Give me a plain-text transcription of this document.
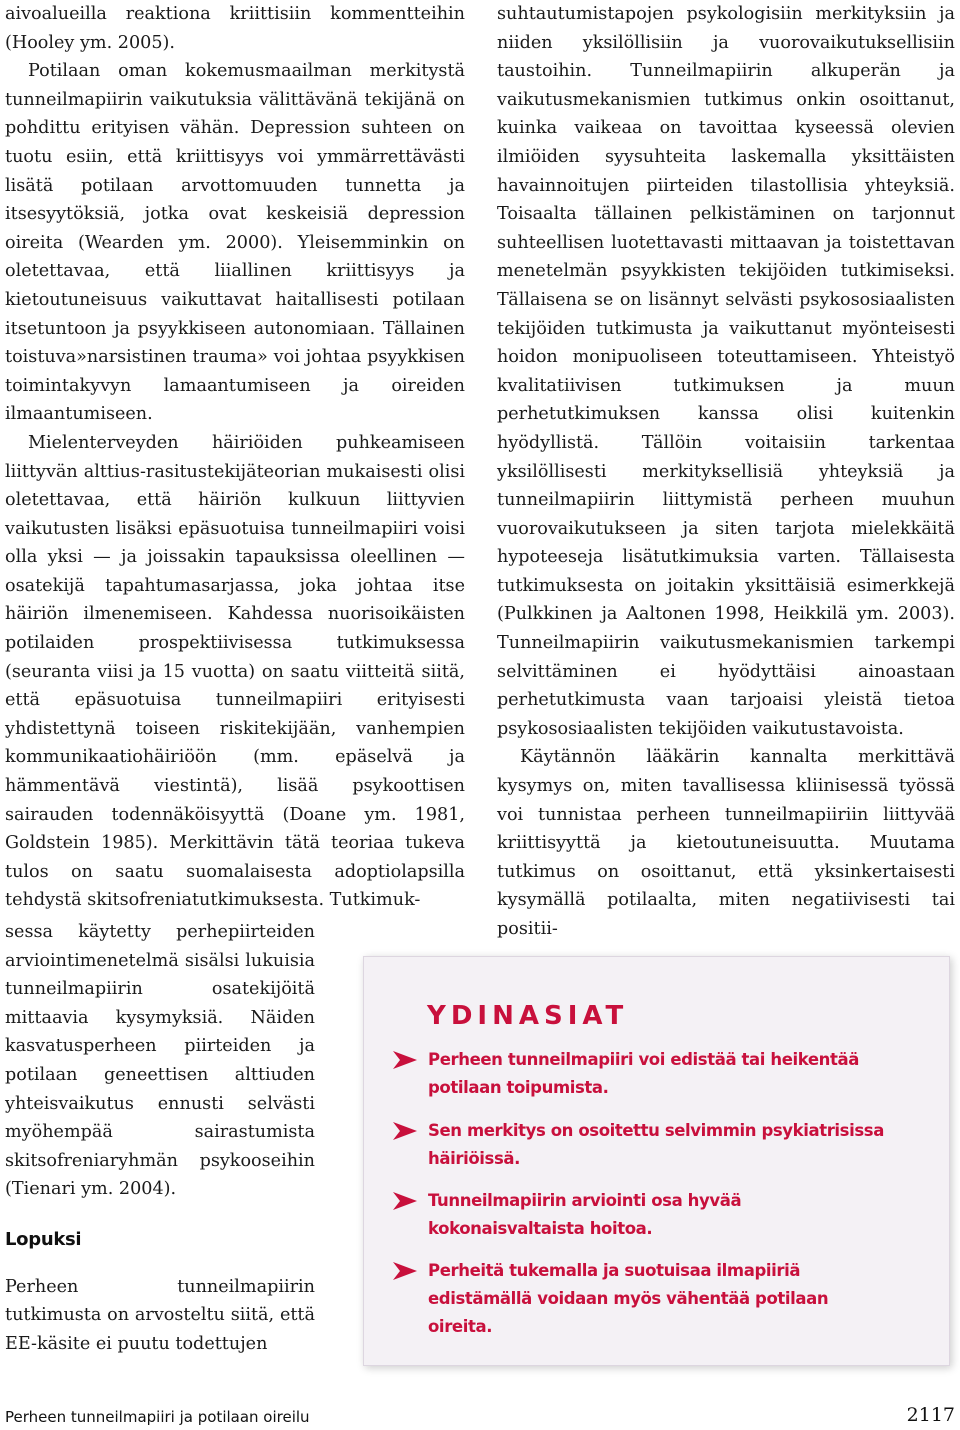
aivoalueilla reaktiona kriittisiin kommentteihin (Hooley ym. 2005).

Potilaan oman kokemusmaailman merkitystä tunneilmapiirin vaikutuksia välittävänä tekijänä on pohdittu erityisen vähän. Depression suhteen on tuotu esiin, että kriittisyys voi ymmärrettävästi lisätä potilaan arvottomuuden tunnetta ja itsesyytöksiä, jotka ovat keskeisiä depression oireita (Wearden ym. 2000). Yleisemminkin on oletettavaa, että liiallinen kriittisyys ja kietoutuneisuus vaikuttavat haitallisesti potilaan itsetuntoon ja psyykkiseen autonomiaan. Tällainen toistuva»narsistinen trauma» voi johtaa psyykkisen toimintakyvyn lamaantumiseen ja oireiden ilmaantumiseen.

Mielenterveyden häiriöiden puhkeamiseen liittyvän alttius-rasitustekijäteorian mukaisesti olisi oletettavaa, että häiriön kulkuun liittyvien vaikutusten lisäksi epäsuotuisa tunneilmapiiri voisi olla yksi — ja joissakin tapauksissa oleellinen — osatekijä tapahtumasarjassa, joka johtaa itse häiriön ilmenemiseen. Kahdessa nuorisoikäisten potilaiden prospektiivisessa tutkimuksessa (seuranta viisi ja 15 vuotta) on saatu viitteitä siitä, että epäsuotuisa tunneilmapiiri erityisesti yhdistettynä toiseen riskitekijään, vanhempien kommunikaatiohäiriöön (mm. epäselvä ja hämmentävä viestintä), lisää psykoottisen sairauden todennäköisyyttä (Doane ym. 1981, Goldstein 1985). Merkittävin tätä teoriaa tukeva tulos on saatu suomalaisesta adoptiolapsilla tehdystä skitsofreniatutkimuksesta. Tutkimuk-

suhtautumistapojen psykologisiin merkityksiin ja niiden yksilöllisiin ja vuorovaikutuksellisiin taustoihin. Tunneilmapiirin alkuperän ja vaikutusmekanismien tutkimus onkin osoittanut, kuinka vaikeaa on tavoittaa kyseessä olevien ilmiöiden syysuhteita laskemalla yksittäisten havainnoitujen piirteiden tilastollisia yhteyksiä. Toisaalta tällainen pelkistäminen on tarjonnut suhteellisen luotettavasti mittaavan ja toistettavan menetelmän psyykkisten tekijöiden tutkimiseksi. Tällaisena se on lisännyt selvästi psykososiaalisten tekijöiden tutkimusta ja vaikuttanut myönteisesti hoidon monipuoliseen toteuttamiseen. Yhteistyö kvalitatiivisen tutkimuksen ja muun perhetutkimuksen kanssa olisi kuitenkin hyödyllistä. Tällöin voitaisiin tarkentaa yksilöllisesti merkityksellisiä yhteyksiä ja tunneilmapiirin liittymistä perheen muuhun vuorovaikutukseen ja siten tarjota mielekkäitä hypoteeseja lisätutkimuksia varten. Tällaisesta tutkimuksesta on joitakin yksittäisiä esimerkkejä (Pulkkinen ja Aaltonen 1998, Heikkilä ym. 2003). Tunneilmapiirin vaikutusmekanismien tarkempi selvittäminen ei hyödyttäisi ainoastaan perhetutkimusta vaan tarjoaisi yleistä tietoa psykososiaalisten tekijöiden vaikutustavoista.

Käytännön lääkärin kannalta merkittävä kysymys on, miten tavallisessa kliinisessä työssä voi tunnistaa perheen tunneilmapiiriin liittyvää kriittisyyttä ja kietoutuneisuutta. Muutama tutkimus on osoittanut, että yksinkertaisesti kysymällä potilaalta, miten negatiivisesti tai positii-

sessa käytetty perhepiirteiden arviointimenetelmä sisälsi lukuisia tunneilmapiirin osatekijöitä mittaavia kysymyksiä. Näiden kasvatusperheen piirteiden ja potilaan geneettisen alttiuden yhteisvaikutus ennusti selvästi myöhempää sairastumista skitsofreniaryhmän psykooseihin (Tienari ym. 2004).

Lopuksi

Perheen tunneilmapiirin tutkimusta on arvosteltu siitä, että EE-käsite ei puutu todettujen

YDINASIAT
Perheen tunneilmapiiri voi edistää tai heikentää potilaan toipumista.
Sen merkitys on osoitettu selvimmin psykiatrisissa häiriöissä.
Tunneilmapiirin arviointi osa hyvää kokonaisvaltaista hoitoa.
Perheitä tukemalla ja suotuisaa ilmapiiriä edistämällä voidaan myös vähentää potilaan oireita.
Perheen tunneilmapiiri ja potilaan oireilu	2117
